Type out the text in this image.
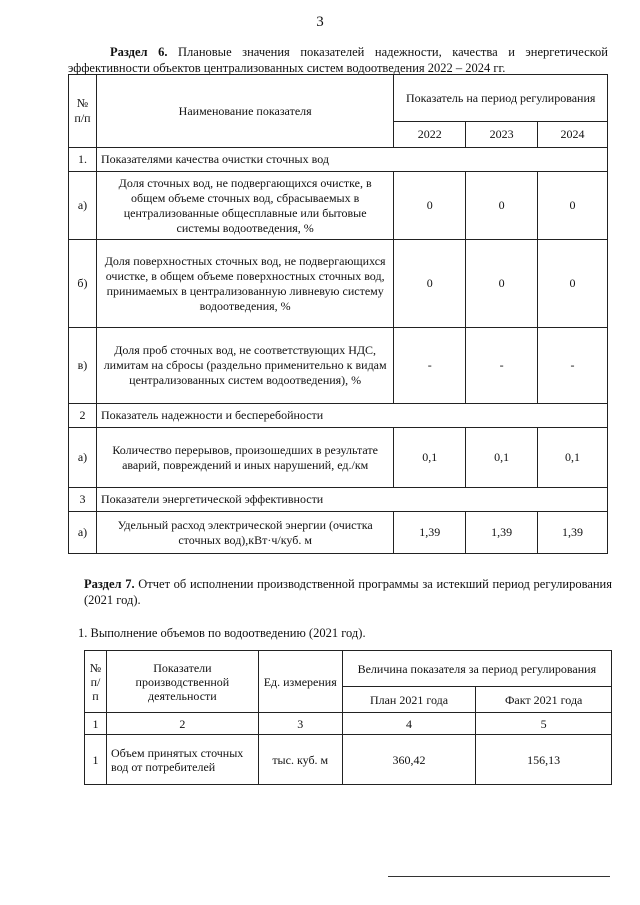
3
Раздел 6. Плановые значения показателей надежности, качества и энергетической эффективности объектов централизованных систем водоотведения 2022 – 2024 гг.
№ п/п	Наименование показателя	Показатель на период регулирования		
		2022	2023	2024
1.	Показателями качества очистки сточных вод			
а)	Доля сточных вод, не подвергающихся очистке, в общем объеме сточных вод, сбрасываемых в централизованные общесплавные или бытовые системы водоотведения, %	0	0	0
б)	Доля поверхностных сточных вод, не подвергающихся очистке, в общем объеме поверхностных сточных вод, принимаемых в централизованную ливневую систему водоотведения, %	0	0	0
в)	Доля проб сточных вод, не соответствующих НДС, лимитам на сбросы (раздельно применительно к видам централизованных систем водоотведения), %	-	-	-
2	Показатель надежности и бесперебойности			
а)	Количество перерывов, произошедших в результате аварий, повреждений и иных нарушений, ед./км	0,1	0,1	0,1
3	Показатели энергетической эффективности			
а)	Удельный расход электрической энергии (очистка сточных вод),кВт·ч/куб. м	1,39	1,39	1,39
Раздел 7. Отчет об исполнении производственной программы за истекший период регулирования (2021 год).
1. Выполнение объемов по водоотведению (2021 год).
№ п/п	Показатели производственной деятельности	Ед. измерения	Величина показателя за период регулирования	
			План 2021 года	Факт 2021 года
1	2	3	4	5
1	Объем принятых сточных вод от потребителей	тыс. куб. м	360,42	156,13
